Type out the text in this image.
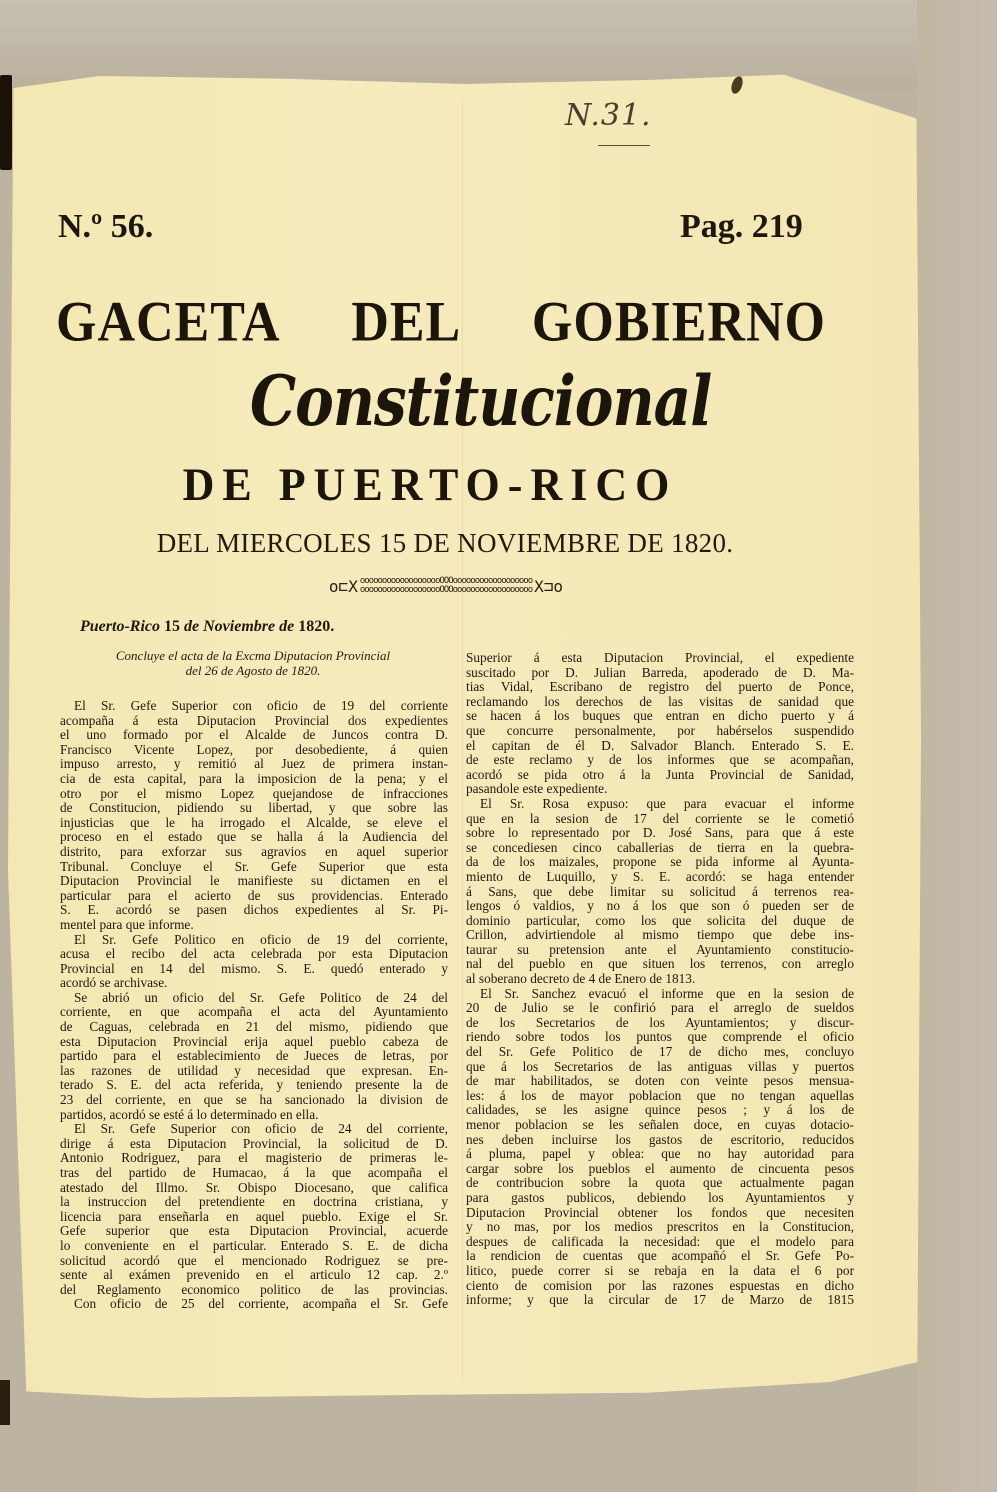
N.31.
N.º 56.	Pag. 219
GACETA DEL GOBIERNO
Constitucional
DE PUERTO-RICO
DEL MIERCOLES 15 DE NOVIEMBRE DE 1820.
o⊏X ooooooooooooooooooOOOoooooooooooooooooo
ooooooooooooooooooOOOoooooooooooooooooo X⊐o
Puerto-Rico 15 de Noviembre de 1820.
Concluye el acta de la Excma Diputacion Provincial
del 26 de Agosto de 1820.
El Sr. Gefe Superior con oficio de 19 del corriente
acompaña á esta Diputacion Provincial dos expedientes
el uno formado por el Alcalde de Juncos contra D.
Francisco Vicente Lopez, por desobediente, á quien
impuso arresto, y remitió al Juez de primera instan-
cia de esta capital, para la imposicion de la pena; y el
otro por el mismo Lopez quejandose de infracciones
de Constitucion, pidiendo su libertad, y que sobre las
injusticias que le ha irrogado el Alcalde, se eleve el
proceso en el estado que se halla á la Audiencia del
distrito, para exforzar sus agravios en aquel superior
Tribunal. Concluye el Sr. Gefe Superior que esta
Diputacion Provincial le manifieste su dictamen en el
particular para el acierto de sus providencias. Enterado
S. E. acordó se pasen dichos expedientes al Sr. Pi-
mentel para que informe.
El Sr. Gefe Politico en oficio de 19 del corriente,
acusa el recibo del acta celebrada por esta Diputacion
Provincial en 14 del mismo. S. E. quedó enterado y
acordó se archivase.
Se abrió un oficio del Sr. Gefe Politico de 24 del
corriente, en que acompaña el acta del Ayuntamiento
de Caguas, celebrada en 21 del mismo, pidiendo que
esta Diputacion Provincial erija aquel pueblo cabeza de
partido para el establecimiento de Jueces de letras, por
las razones de utilidad y necesidad que expresan. En-
terado S. E. del acta referida, y teniendo presente la de
23 del corriente, en que se ha sancionado la division de
partidos, acordó se esté á lo determinado en ella.
El Sr. Gefe Superior con oficio de 24 del corriente,
dirige á esta Diputacion Provincial, la solicitud de D.
Antonio Rodriguez, para el magisterio de primeras le-
tras del partido de Humacao, á la que acompaña el
atestado del Illmo. Sr. Obispo Diocesano, que califica
la instruccion del pretendiente en doctrina cristiana, y
licencia para enseñarla en aquel pueblo. Exige el Sr.
Gefe superior que esta Diputacion Provincial, acuerde
lo conveniente en el particular. Enterado S. E. de dicha
solicitud acordó que el mencionado Rodriguez se pre-
sente al exámen prevenido en el articulo 12 cap. 2.º
del Reglamento economico politico de las provincias.
Con oficio de 25 del corriente, acompaña el Sr. Gefe
Superior á esta Diputacion Provincial, el expediente
suscitado por D. Julian Barreda, apoderado de D. Ma-
tias Vidal, Escribano de registro del puerto de Ponce,
reclamando los derechos de las visitas de sanidad que
se hacen á los buques que entran en dicho puerto y á
que concurre personalmente, por habérselos suspendido
el capitan de él D. Salvador Blanch. Enterado S. E.
de este reclamo y de los informes que se acompañan,
acordó se pida otro á la Junta Provincial de Sanidad,
pasandole este expediente.
El Sr. Rosa expuso: que para evacuar el informe
que en la sesion de 17 del corriente se le cometió
sobre lo representado por D. José Sans, para que á este
se concediesen cinco caballerias de tierra en la quebra-
da de los maizales, propone se pida informe al Ayunta-
miento de Luquillo, y S. E. acordó: se haga entender
á Sans, que debe limitar su solicitud á terrenos rea-
lengos ó valdios, y no á los que son ó pueden ser de
dominio particular, como los que solicita del duque de
Crillon, advirtiendole al mismo tiempo que debe ins-
taurar su pretension ante el Ayuntamiento constitucio-
nal del pueblo en que situen los terrenos, con arreglo
al soberano decreto de 4 de Enero de 1813.
El Sr. Sanchez evacuó el informe que en la sesion de
20 de Julio se le confirió para el arreglo de sueldos
de los Secretarios de los Ayuntamientos; y discur-
riendo sobre todos los puntos que comprende el oficio
del Sr. Gefe Politico de 17 de dicho mes, concluyo
que á los Secretarios de las antiguas villas y puertos
de mar habilitados, se doten con veinte pesos mensua-
les: á los de mayor poblacion que no tengan aquellas
calidades, se les asigne quince pesos ; y á los de
menor poblacion se les señalen doce, en cuyas dotacio-
nes deben incluirse los gastos de escritorio, reducidos
á pluma, papel y oblea: que no hay autoridad para
cargar sobre los pueblos el aumento de cincuenta pesos
de contribucion sobre la quota que actualmente pagan
para gastos publicos, debiendo los Ayuntamientos y
Diputacion Provincial obtener los fondos que necesiten
y no mas, por los medios prescritos en la Constitucion,
despues de calificada la necesidad: que el modelo para
la rendicion de cuentas que acompañó el Sr. Gefe Po-
litico, puede correr si se rebaja en la data el 6 por
ciento de comision por las razones espuestas en dicho
informe; y que la circular de 17 de Marzo de 1815
